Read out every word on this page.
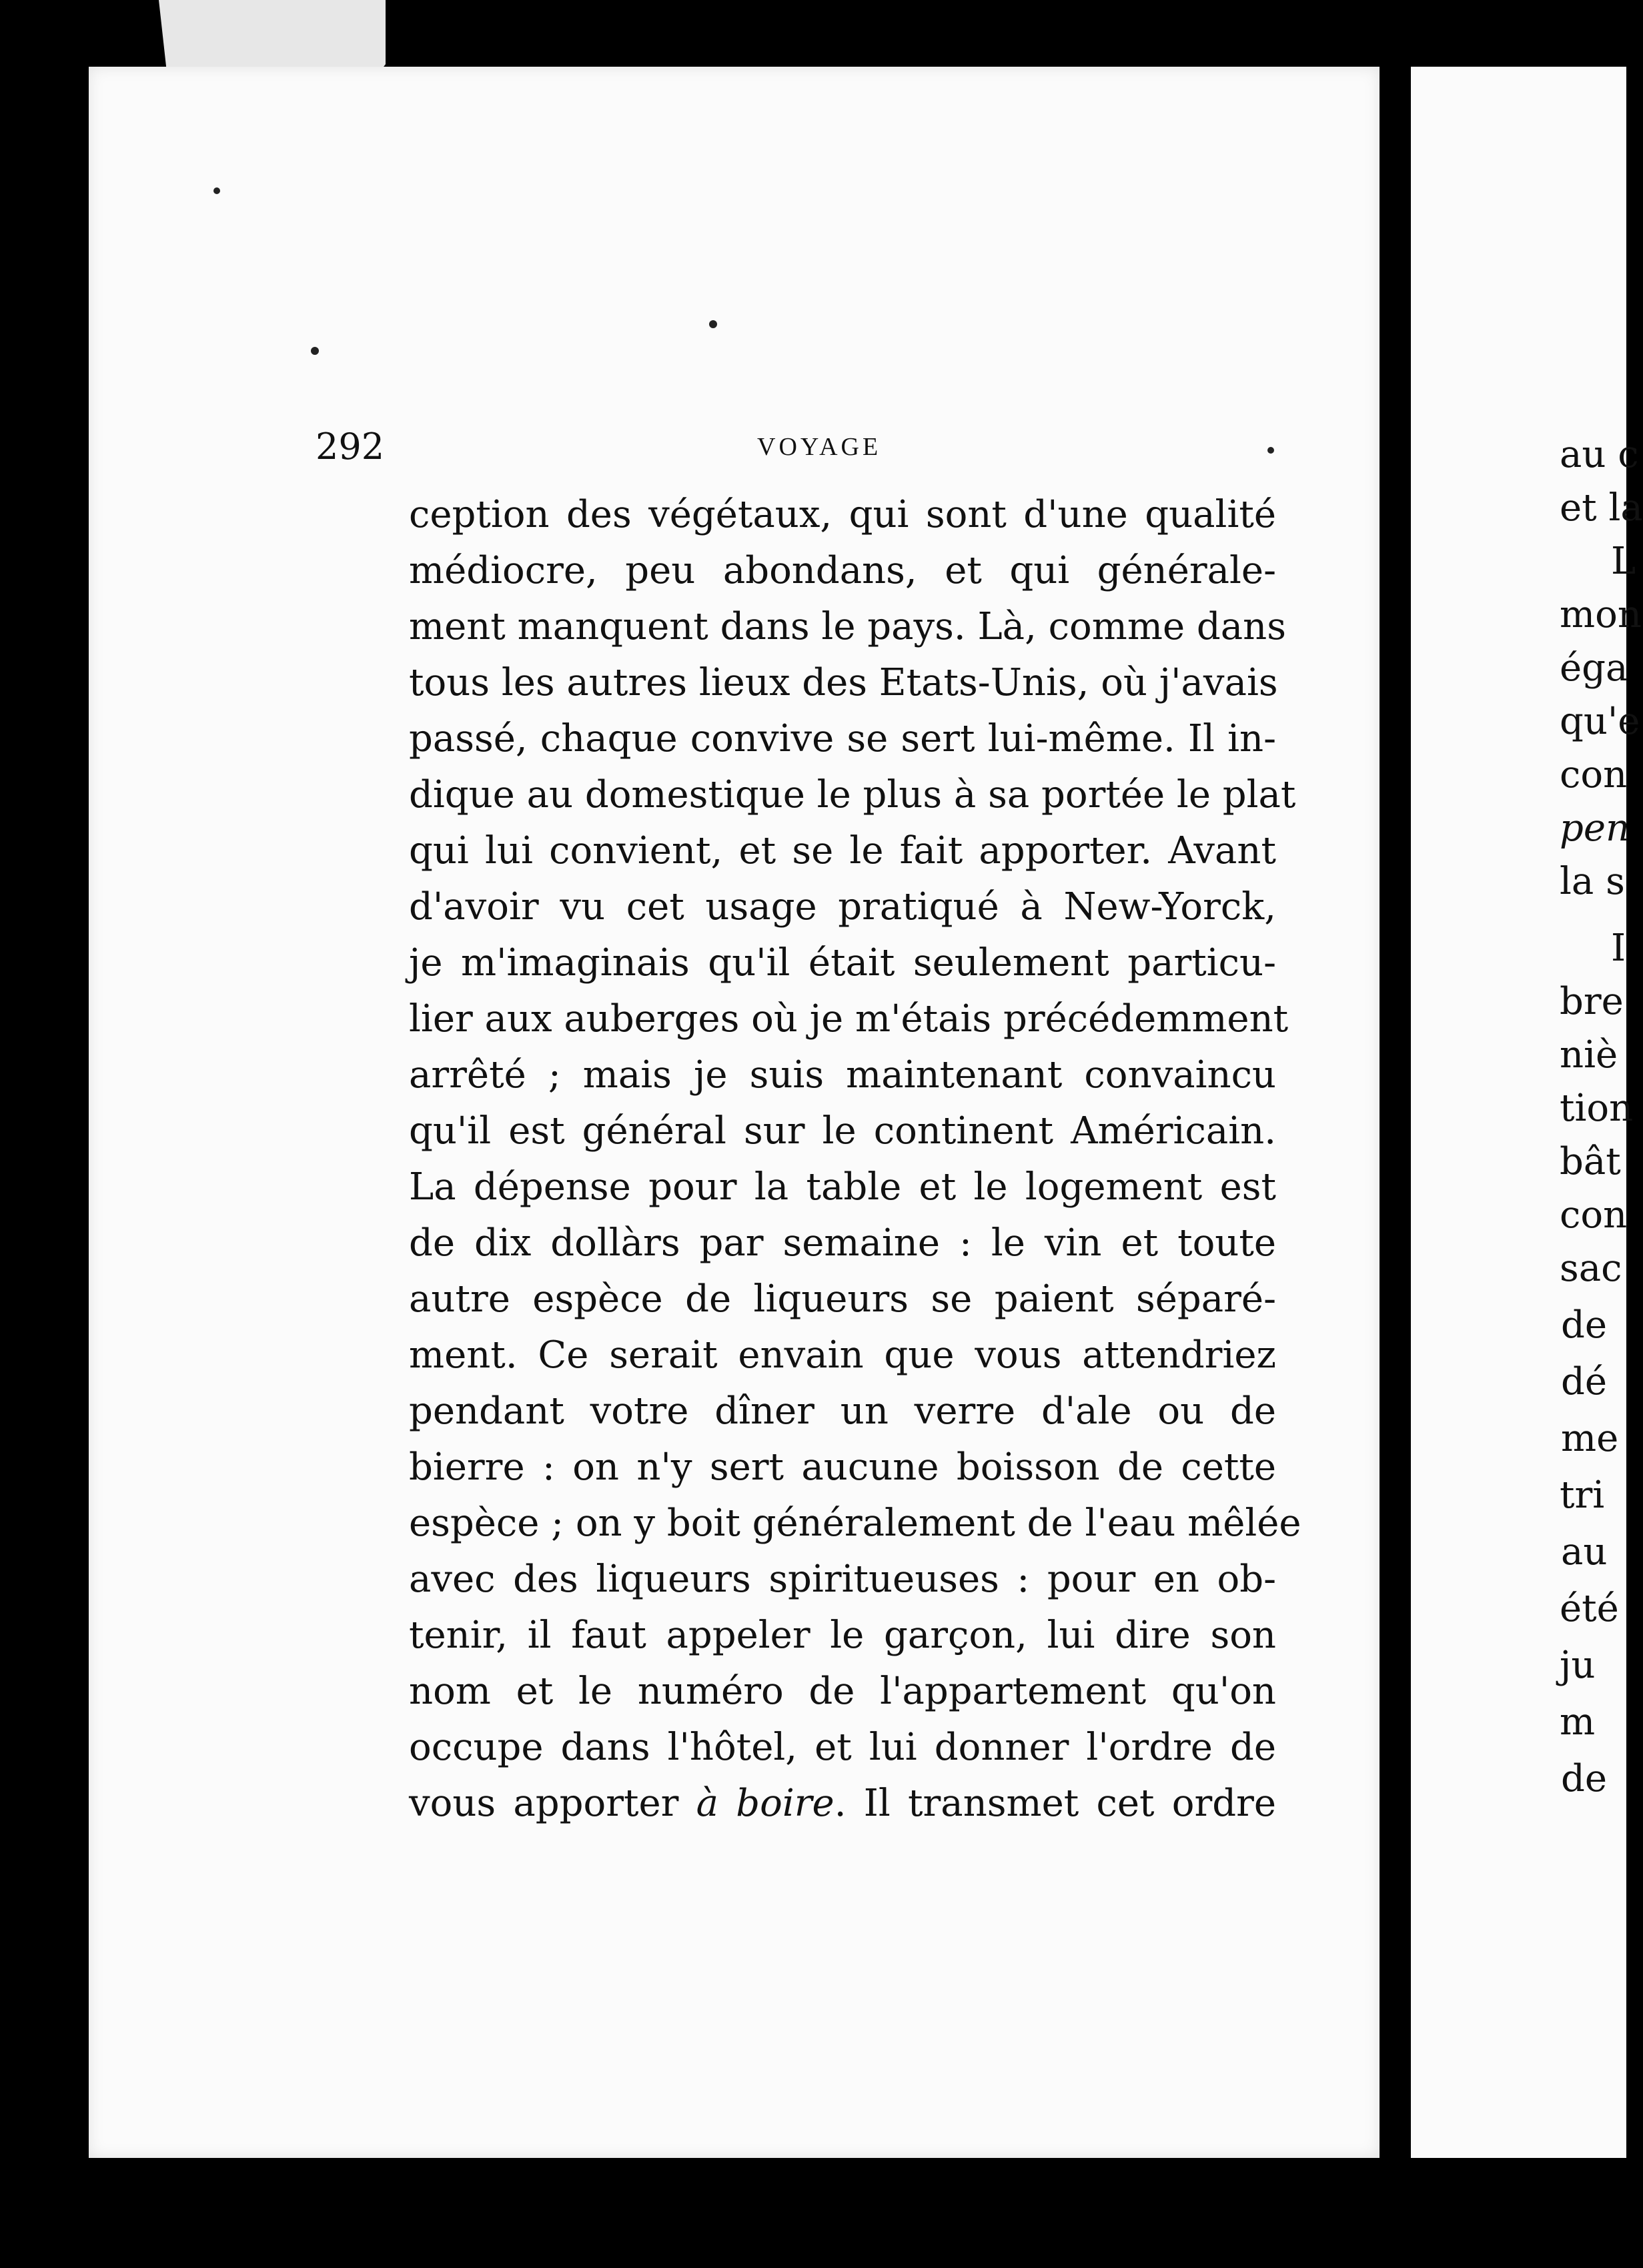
au c
et la
L
mon
éga
qu'e
con
pen
la s
I
bre
niè
tion
bât
con
sac
de
dé
me
tri
au
été
ju
m
de
292	VOYAGE
ception des végétaux, qui sont d'une qualité
médiocre, peu abondans, et qui générale-
ment manquent dans le pays. Là, comme dans
tous les autres lieux des Etats-Unis, où j'avais
passé, chaque convive se sert lui-même. Il in-
dique au domestique le plus à sa portée le plat
qui lui convient, et se le fait apporter. Avant
d'avoir vu cet usage pratiqué à New-Yorck,
je m'imaginais qu'il était seulement particu-
lier aux auberges où je m'étais précédemment
arrêté ; mais je suis maintenant convaincu
qu'il est général sur le continent Américain.
La dépense pour la table et le logement est
de dix dollàrs par semaine : le vin et toute
autre espèce de liqueurs se paient séparé-
ment. Ce serait envain que vous attendriez
pendant votre dîner un verre d'ale ou de
bierre : on n'y sert aucune boisson de cette
espèce ; on y boit généralement de l'eau mêlée
avec des liqueurs spiritueuses : pour en ob-
tenir, il faut appeler le garçon, lui dire son
nom et le numéro de l'appartement qu'on
occupe dans l'hôtel, et lui donner l'ordre de
vous apporter à boire. Il transmet cet ordre
